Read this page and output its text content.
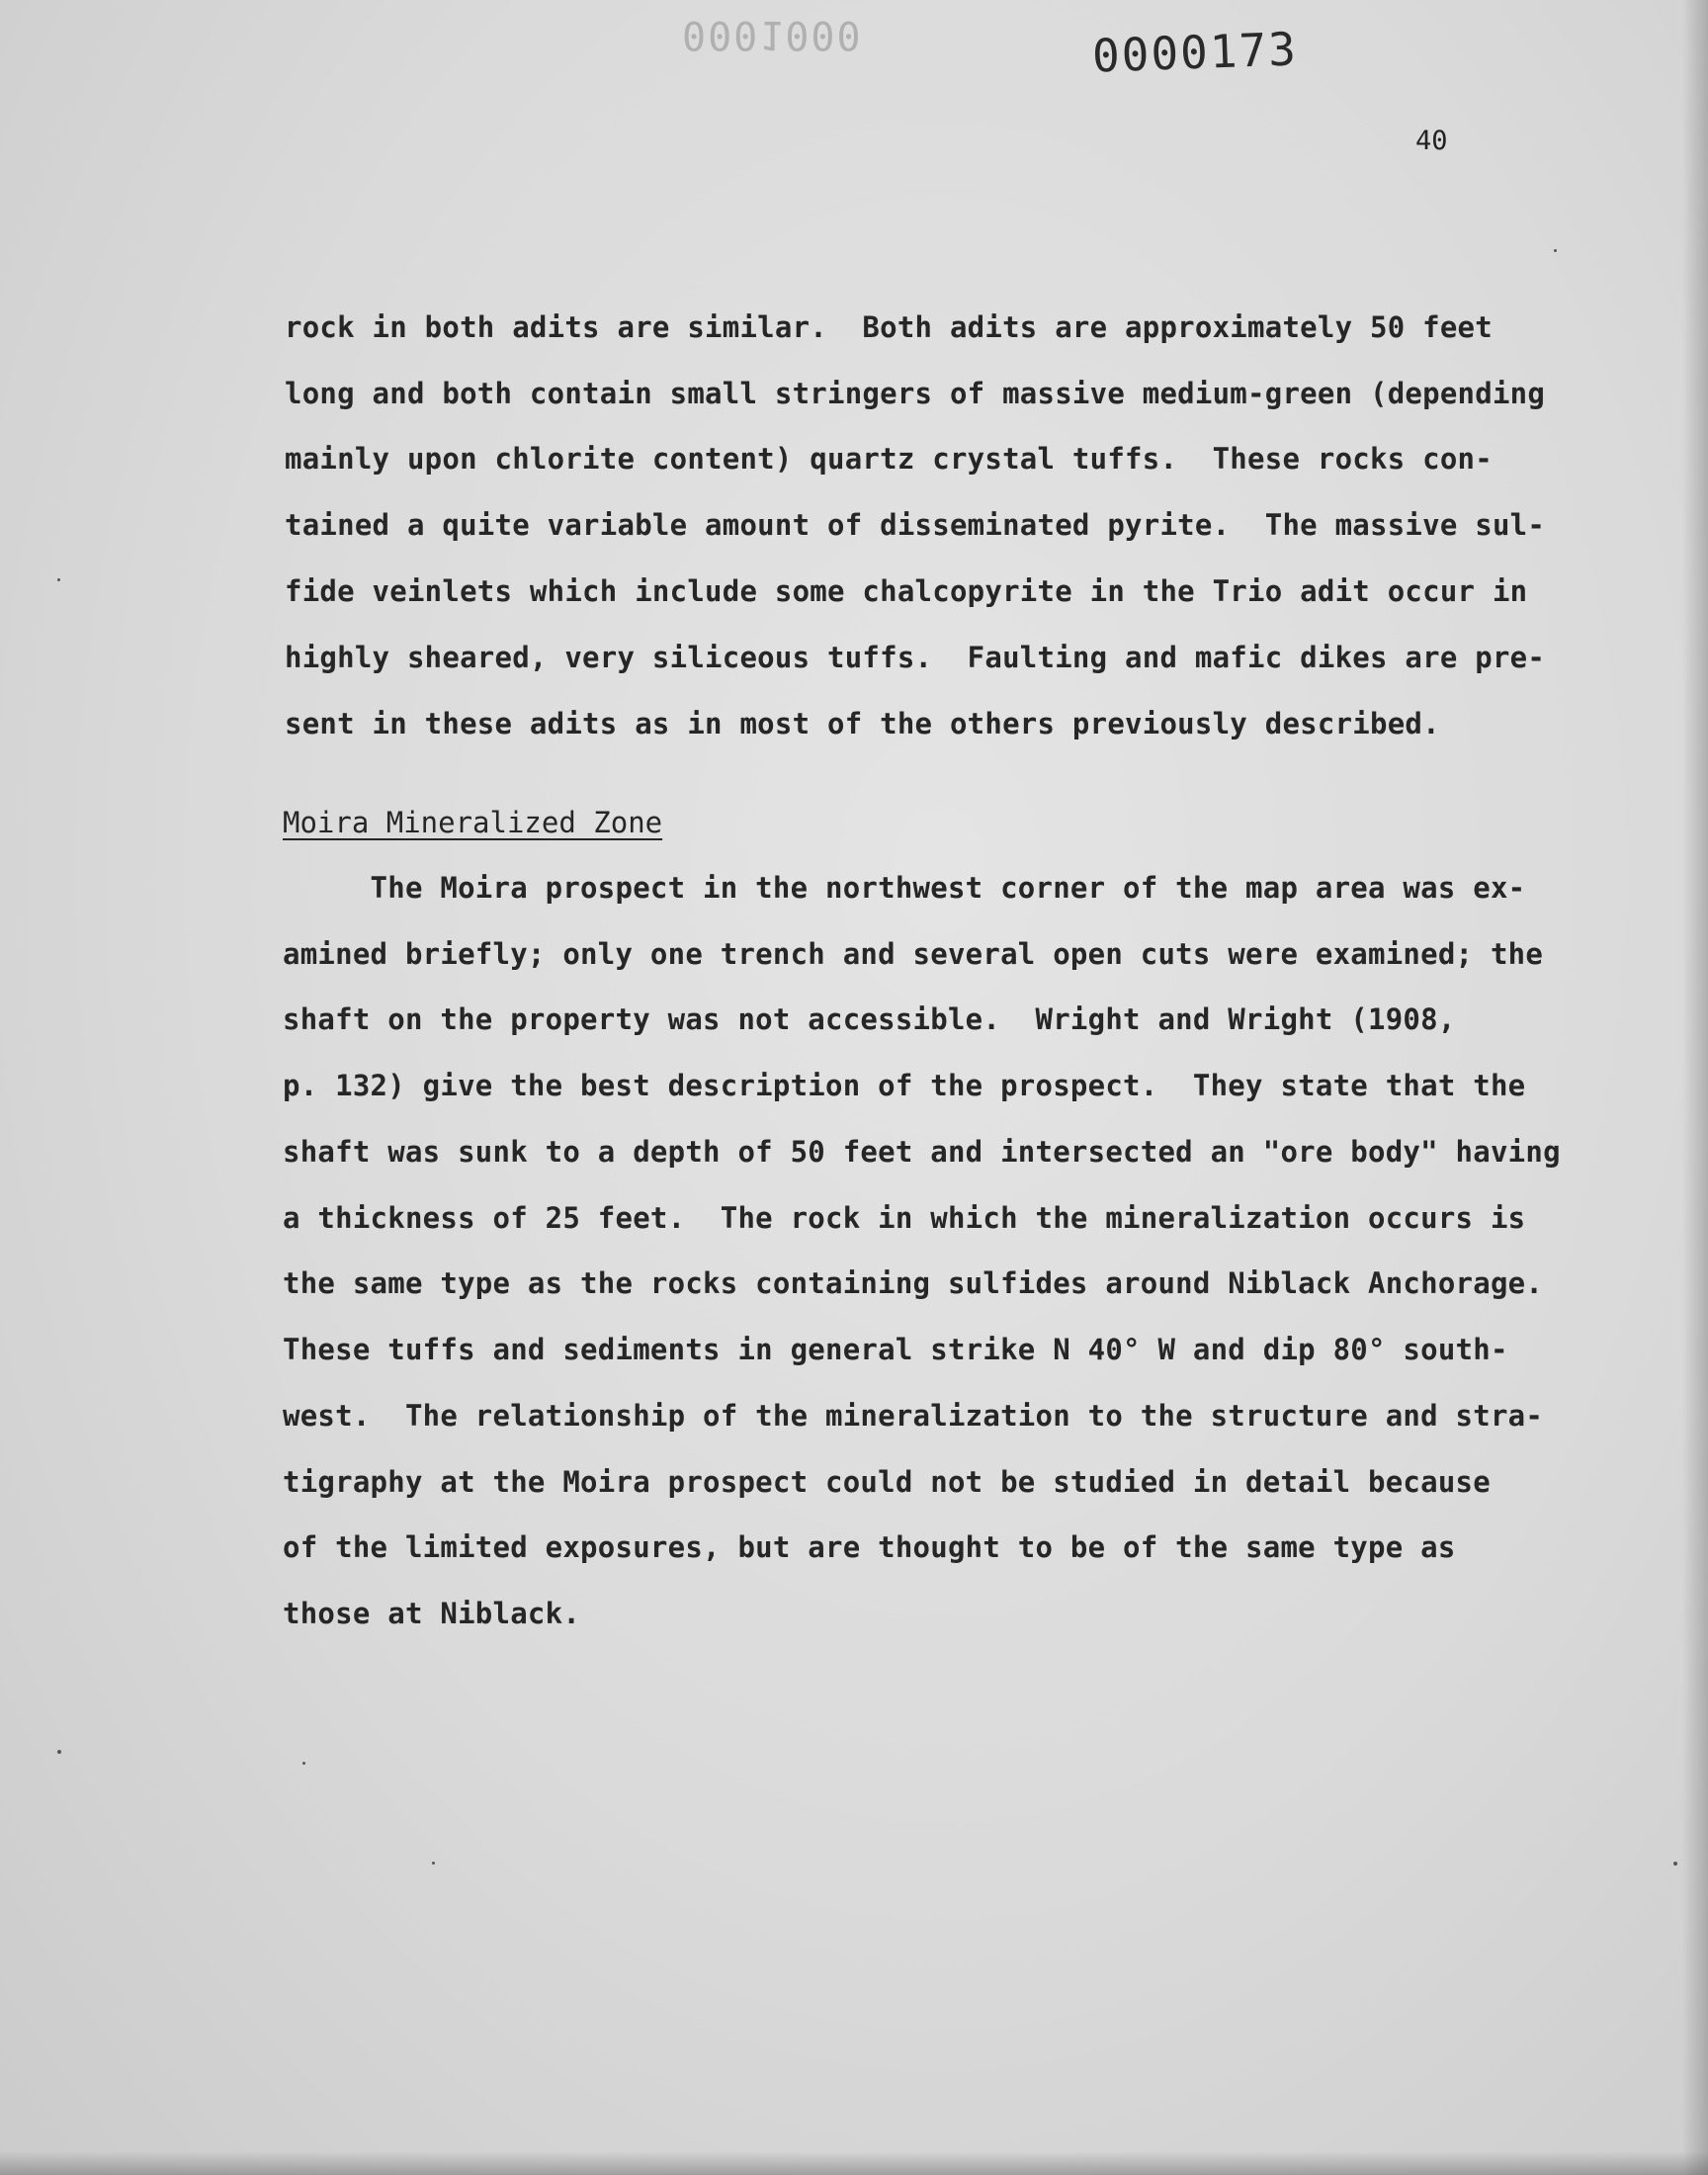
0001000	0000173
40
rock in both adits are similar.  Both adits are approximately 50 feet
long and both contain small stringers of massive medium-green (depending
mainly upon chlorite content) quartz crystal tuffs.  These rocks con-
tained a quite variable amount of disseminated pyrite.  The massive sul-
fide veinlets which include some chalcopyrite in the Trio adit occur in
highly sheared, very siliceous tuffs.  Faulting and mafic dikes are pre-
sent in these adits as in most of the others previously described.
Moira Mineralized Zone
The Moira prospect in the northwest corner of the map area was ex-
amined briefly; only one trench and several open cuts were examined; the
shaft on the property was not accessible.  Wright and Wright (1908,
p. 132) give the best description of the prospect.  They state that the
shaft was sunk to a depth of 50 feet and intersected an "ore body" having
a thickness of 25 feet.  The rock in which the mineralization occurs is
the same type as the rocks containing sulfides around Niblack Anchorage.
These tuffs and sediments in general strike N 40° W and dip 80° south-
west.  The relationship of the mineralization to the structure and stra-
tigraphy at the Moira prospect could not be studied in detail because
of the limited exposures, but are thought to be of the same type as
those at Niblack.
